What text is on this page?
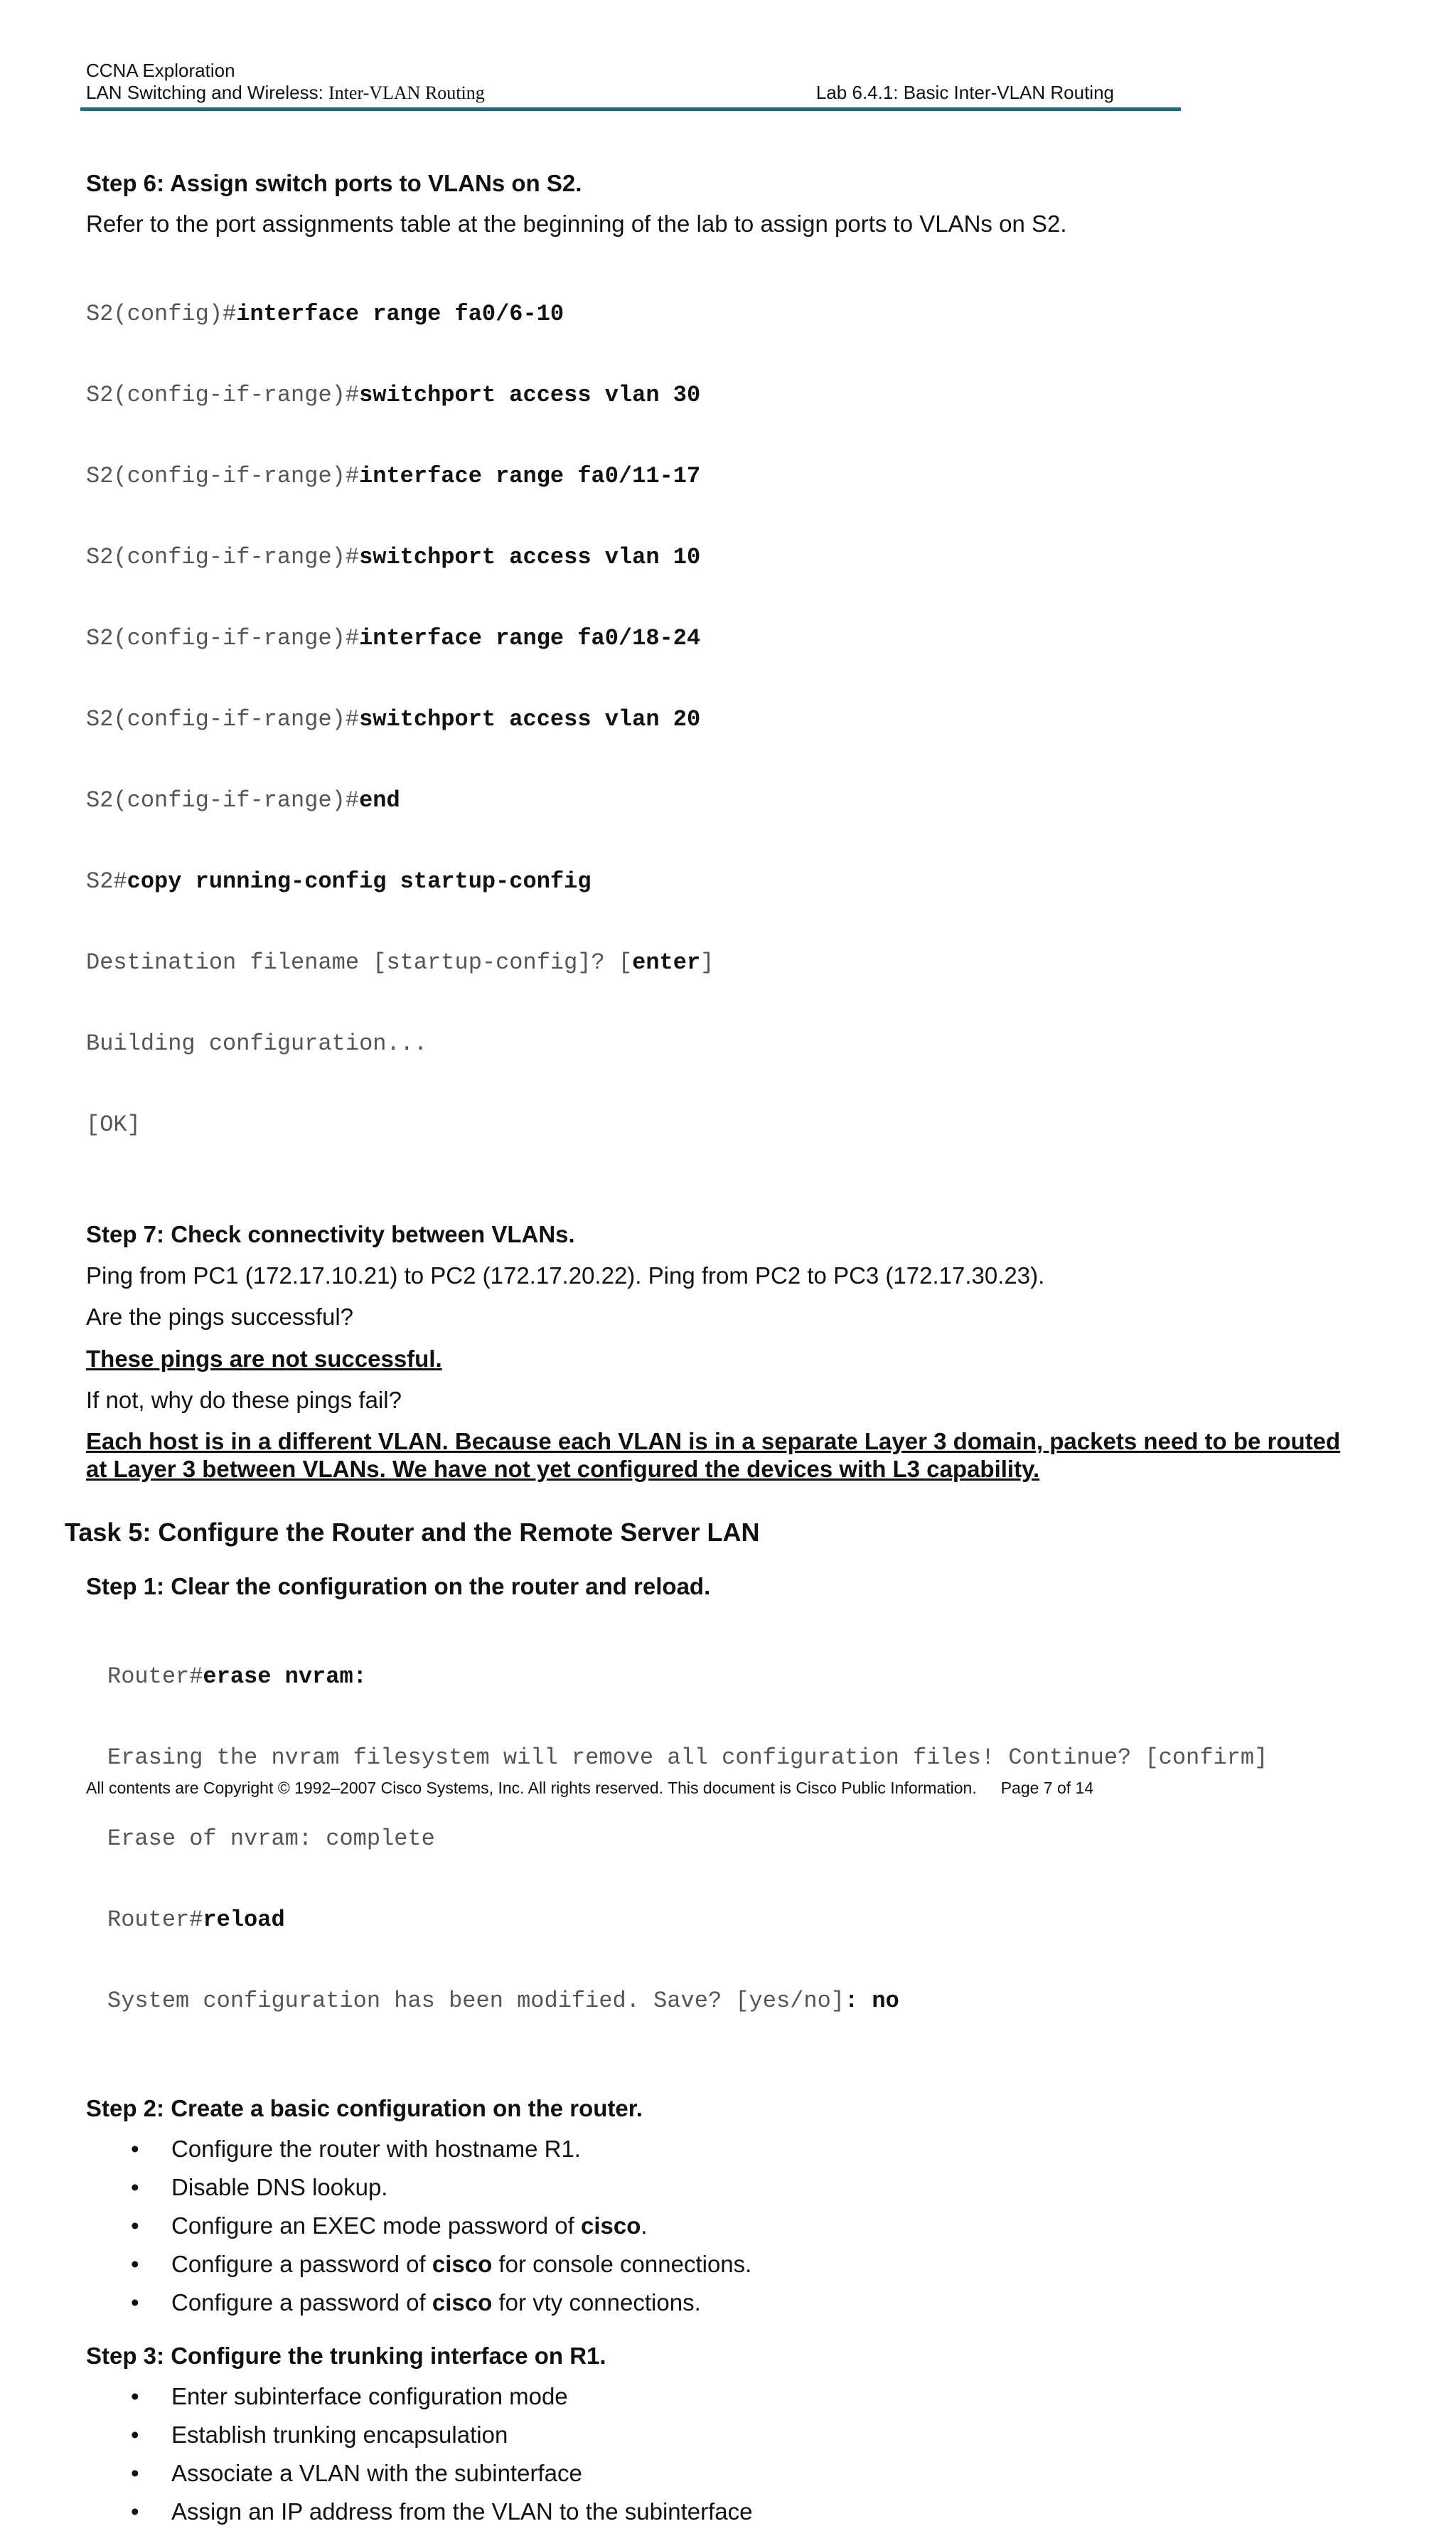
CCNA Exploration
LAN Switching and Wireless: Inter-VLAN Routing	Lab 6.4.1: Basic Inter-VLAN Routing

Step 6: Assign switch ports to VLANs on S2.

Refer to the port assignments table at the beginning of the lab to assign ports to VLANs on S2.

S2(config)#interface range fa0/6-10

S2(config-if-range)#switchport access vlan 30

S2(config-if-range)#interface range fa0/11-17

S2(config-if-range)#switchport access vlan 10

S2(config-if-range)#interface range fa0/18-24

S2(config-if-range)#switchport access vlan 20

S2(config-if-range)#end

S2#copy running-config startup-config

Destination filename [startup-config]? [enter]

Building configuration...

[OK]

Step 7: Check connectivity between VLANs.

Ping from PC1 (172.17.10.21) to PC2 (172.17.20.22). Ping from PC2 to PC3 (172.17.30.23).

Are the pings successful?

These pings are not successful.

If not, why do these pings fail?

Each host is in a different VLAN. Because each VLAN is in a separate Layer 3 domain, packets need to be routed

at Layer 3 between VLANs. We have not yet configured the devices with L3 capability.

Task 5: Configure the Router and the Remote Server LAN

Step 1: Clear the configuration on the router and reload.

Router#erase nvram:

Erasing the nvram filesystem will remove all configuration files! Continue? [confirm]

Erase of nvram: complete

Router#reload

System configuration has been modified. Save? [yes/no]: no

Step 2: Create a basic configuration on the router.

• Configure the router with hostname R1.
• Disable DNS lookup.
• Configure an EXEC mode password of cisco.
• Configure a password of cisco for console connections.
• Configure a password of cisco for vty connections.

Step 3: Configure the trunking interface on R1.

• Enter subinterface configuration mode
• Establish trunking encapsulation
• Associate a VLAN with the subinterface
• Assign an IP address from the VLAN to the subinterface
All contents are Copyright © 1992–2007 Cisco Systems, Inc. All rights reserved. This document is Cisco Public Information. Page 7 of 14
